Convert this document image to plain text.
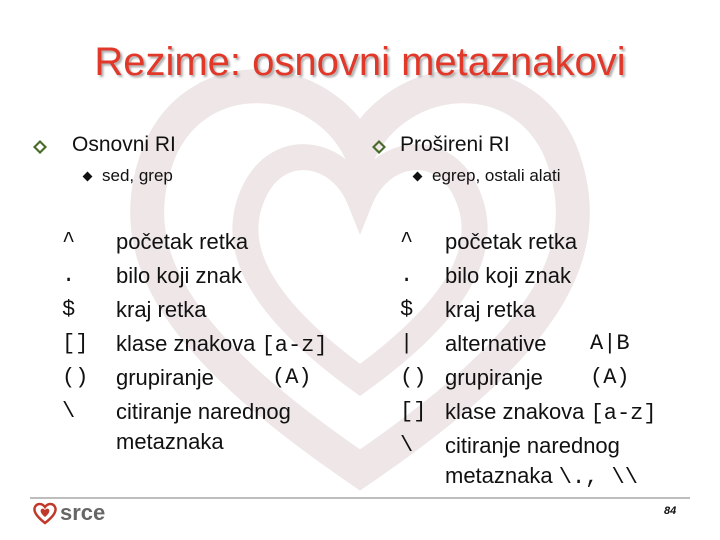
Rezime: osnovni metaznakovi
Osnovni RI
sed, grep
^ početak retka
. bilo koji znak
$ kraj retka
[] klase znakova [a-z]
() grupiranje	(A)
\ citiranje narednog
metaznaka
Prošireni RI
egrep, ostali alati
^ početak retka
. bilo koji znak
$ kraj retka
| alternative A|B
() grupiranje (A)
[] klase znakova [a-z]
\ citiranje narednog
metaznaka \., \\
srce	84
